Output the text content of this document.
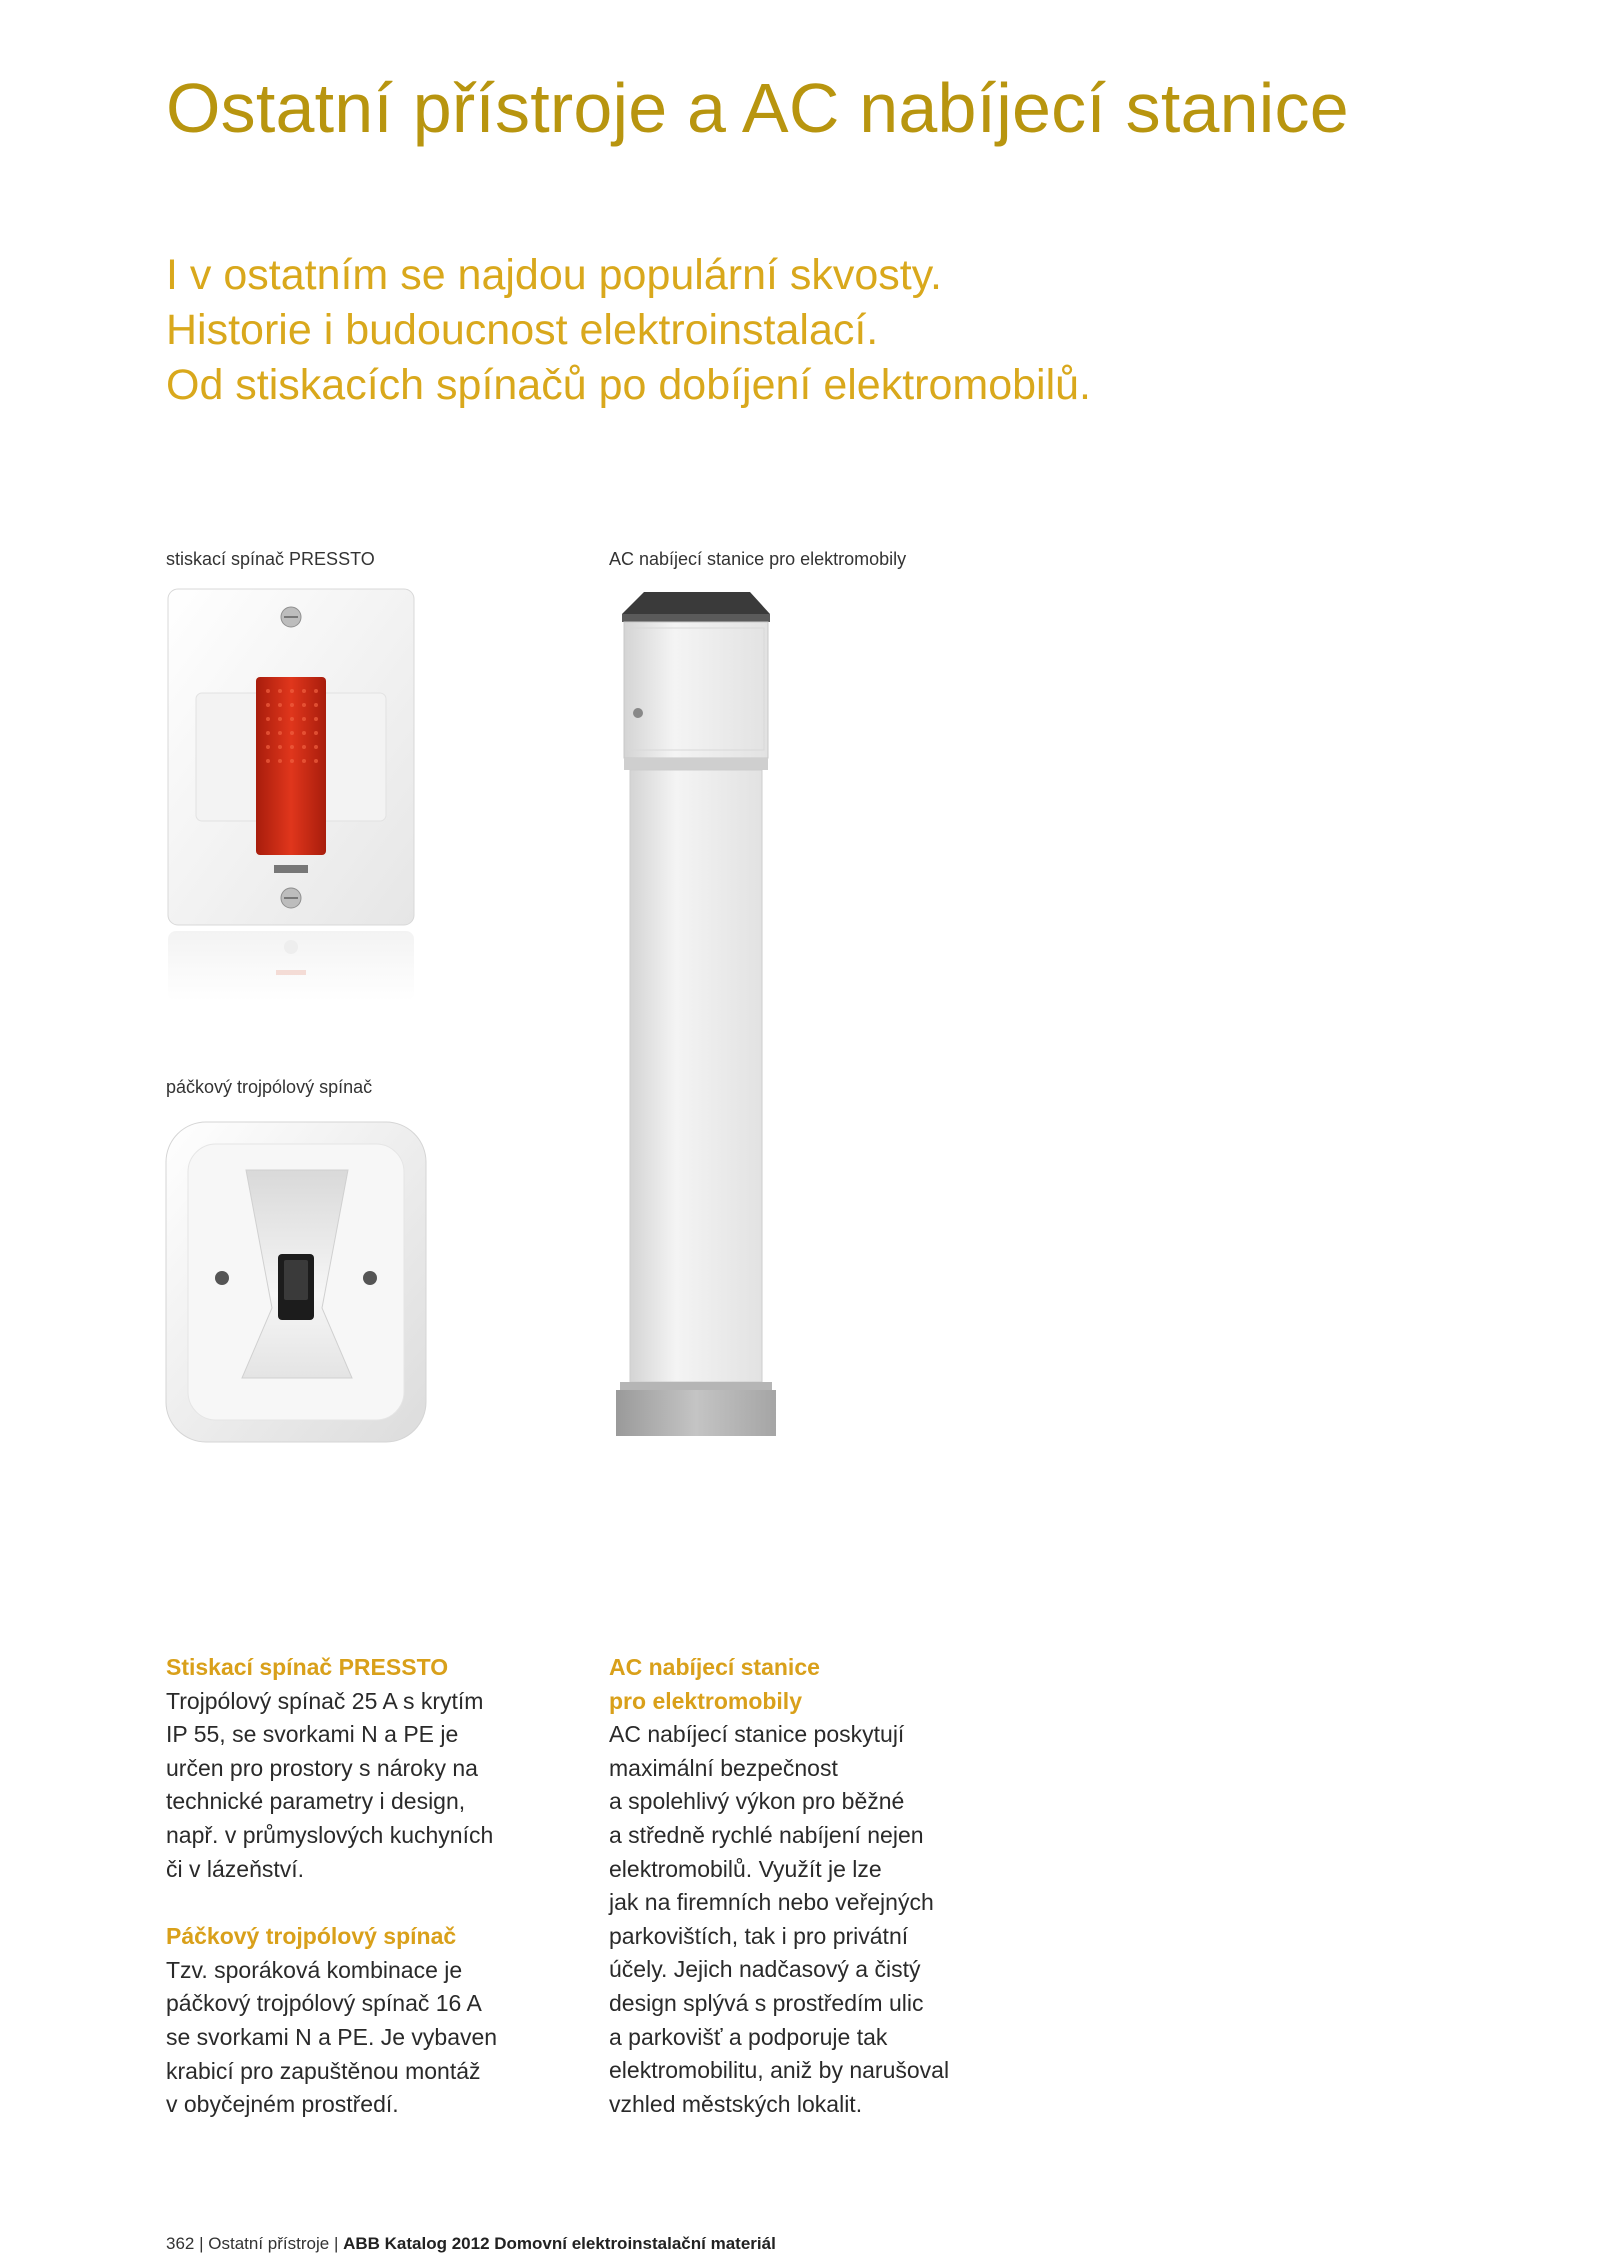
Ostatní přístroje a AC nabíjecí stanice
I v ostatním se najdou populární skvosty.
Historie i budoucnost elektroinstalací.
Od stiskacích spínačů po dobíjení elektromobilů.
stiskací spínač PRESSTO	AC nabíjecí stanice pro elektromobily
páčkový trojpólový spínač
Stiskací spínač PRESSTO

Trojpólový spínač 25 A s krytím

IP 55, se svorkami N a PE je

určen pro prostory s nároky na

technické parametry i design,

např. v průmyslových kuchyních

či v lázeňství.

Páčkový trojpólový spínač

Tzv. sporáková kombinace je

páčkový trojpólový spínač 16 A

se svorkami N a PE. Je vybaven

krabicí pro zapuštěnou montáž

v obyčejném prostředí.

AC nabíjecí stanice
pro elektromobily

AC nabíjecí stanice poskytují

maximální bezpečnost

a spolehlivý výkon pro běžné

a středně rychlé nabíjení nejen

elektromobilů. Využít je lze

jak na firemních nebo veřejných

parkovištích, tak i pro privátní

účely. Jejich nadčasový a čistý

design splývá s prostředím ulic

a parkovišť a podporuje tak

elektromobilitu, aniž by narušoval

vzhled městských lokalit.

362 | Ostatní přístroje | ABB Katalog 2012 Domovní elektroinstalační materiál
